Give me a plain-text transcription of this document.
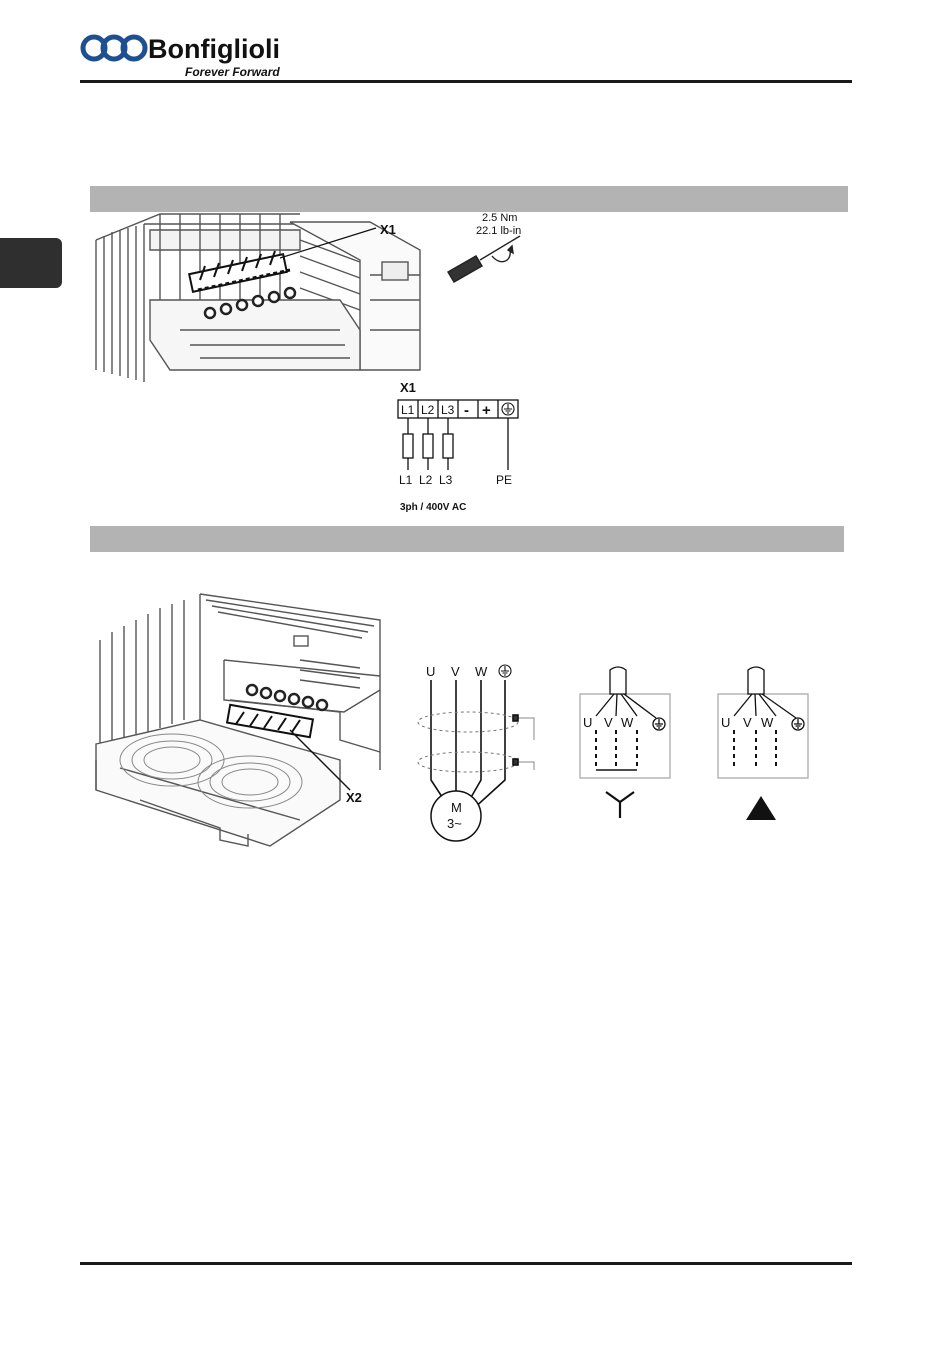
Bonfiglioli
Forever Forward
X1
2.5 Nm
22.1 lb-in
X1
L1 L2 L3 - +
L1 L2 L3	PE
3ph / 400V AC
X2
U V W
M
3~
U V W	U V W
